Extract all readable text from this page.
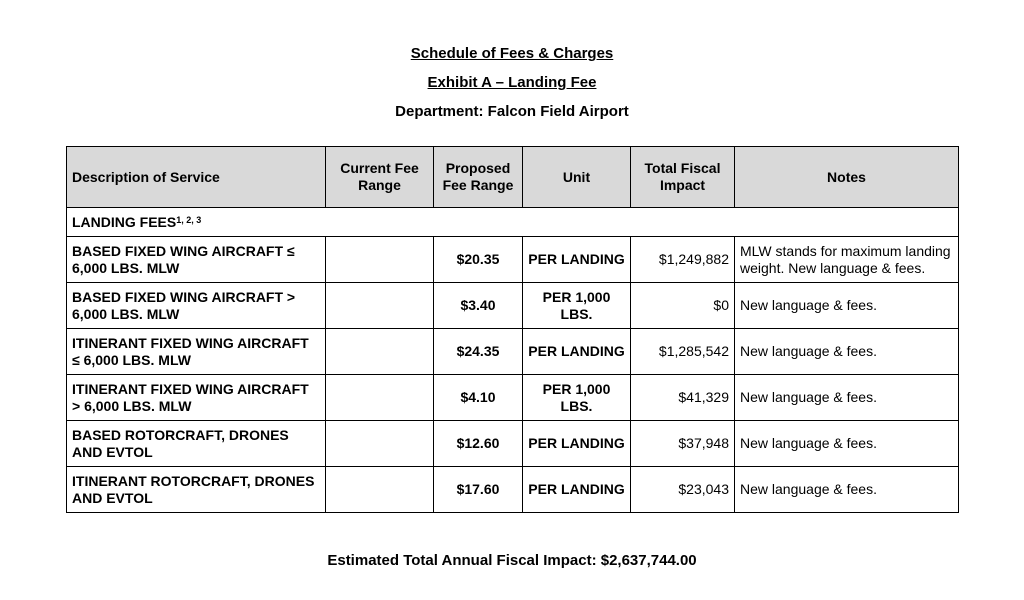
Schedule of Fees & Charges
Exhibit A – Landing Fee
Department: Falcon Field Airport
Description of Service	Current Fee Range	Proposed Fee Range	Unit	Total Fiscal Impact	Notes
LANDING FEES$^{1, 2, 3}$
BASED FIXED WING AIRCRAFT ≤ 6,000 LBS. MLW		$20.35	PER LANDING	$1,249,882	MLW stands for maximum landing weight. New language & fees.
BASED FIXED WING AIRCRAFT > 6,000 LBS. MLW		$3.40	PER 1,000 LBS.	$0	New language & fees.
ITINERANT FIXED WING AIRCRAFT ≤ 6,000 LBS. MLW		$24.35	PER LANDING	$1,285,542	New language & fees.
ITINERANT FIXED WING AIRCRAFT > 6,000 LBS. MLW		$4.10	PER 1,000 LBS.	$41,329	New language & fees.
BASED ROTORCRAFT, DRONES AND EVTOL		$12.60	PER LANDING	$37,948	New language & fees.
ITINERANT ROTORCRAFT, DRONES AND EVTOL		$17.60	PER LANDING	$23,043	New language & fees.
Estimated Total Annual Fiscal Impact: $2,637,744.00
